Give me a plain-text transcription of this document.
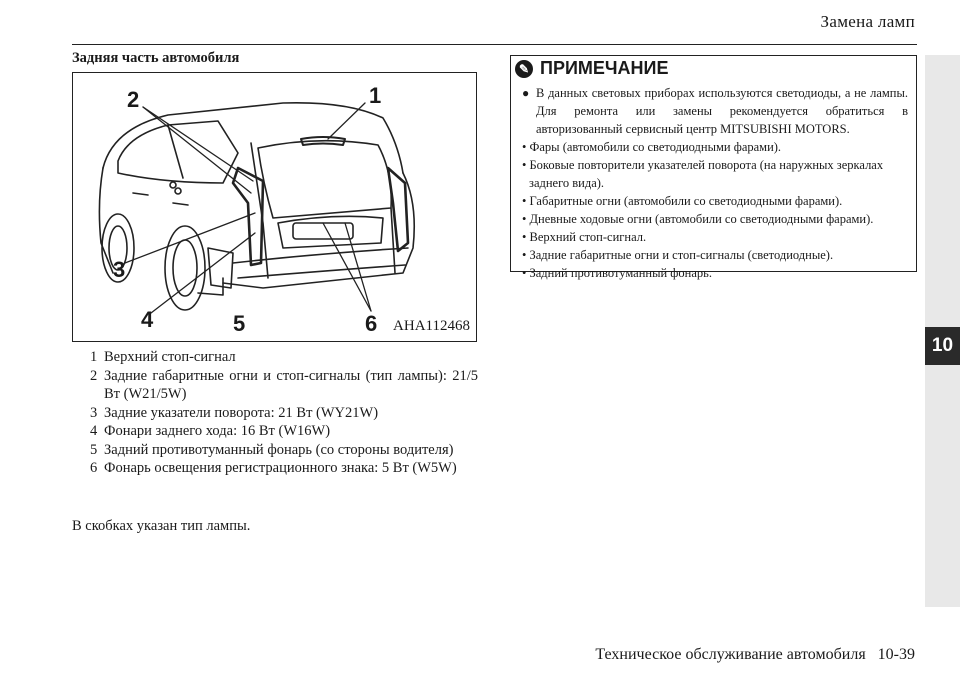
Замена ламп
10
Задняя часть автомобиля
1
2
3
4	5	6 AHA112468
1 Верхний стоп-сигнал
2 Задние габаритные огни и стоп-сигналы (тип лампы): 21/5 Вт (W21/5W)
3 Задние указатели поворота: 21 Вт (WY21W)
4 Фонари заднего хода: 16 Вт (W16W)
5 Задний противотуманный фонарь (со стороны водителя)
6 Фонарь освещения регистрационного знака: 5 Вт (W5W)
В скобках указан тип лампы.
✎ ПРИМЕЧАНИЕ
● В данных световых приборах используются светодиоды, а не лампы. Для ремонта или замены рекомендуется обратиться в авторизованный сервисный центр MITSUBISHI MOTORS.
• Фары (автомобили со светодиодными фарами).
• Боковые повторители указателей поворота (на наружных зеркалах заднего вида).
• Габаритные огни (автомобили со светодиодными фарами).
• Дневные ходовые огни (автомобили со светодиодными фарами).
• Верхний стоп-сигнал.
• Задние габаритные огни и стоп-сигналы (светодиодные).
• Задний противотуманный фонарь.
Техническое обслуживание автомобиля   10-39
